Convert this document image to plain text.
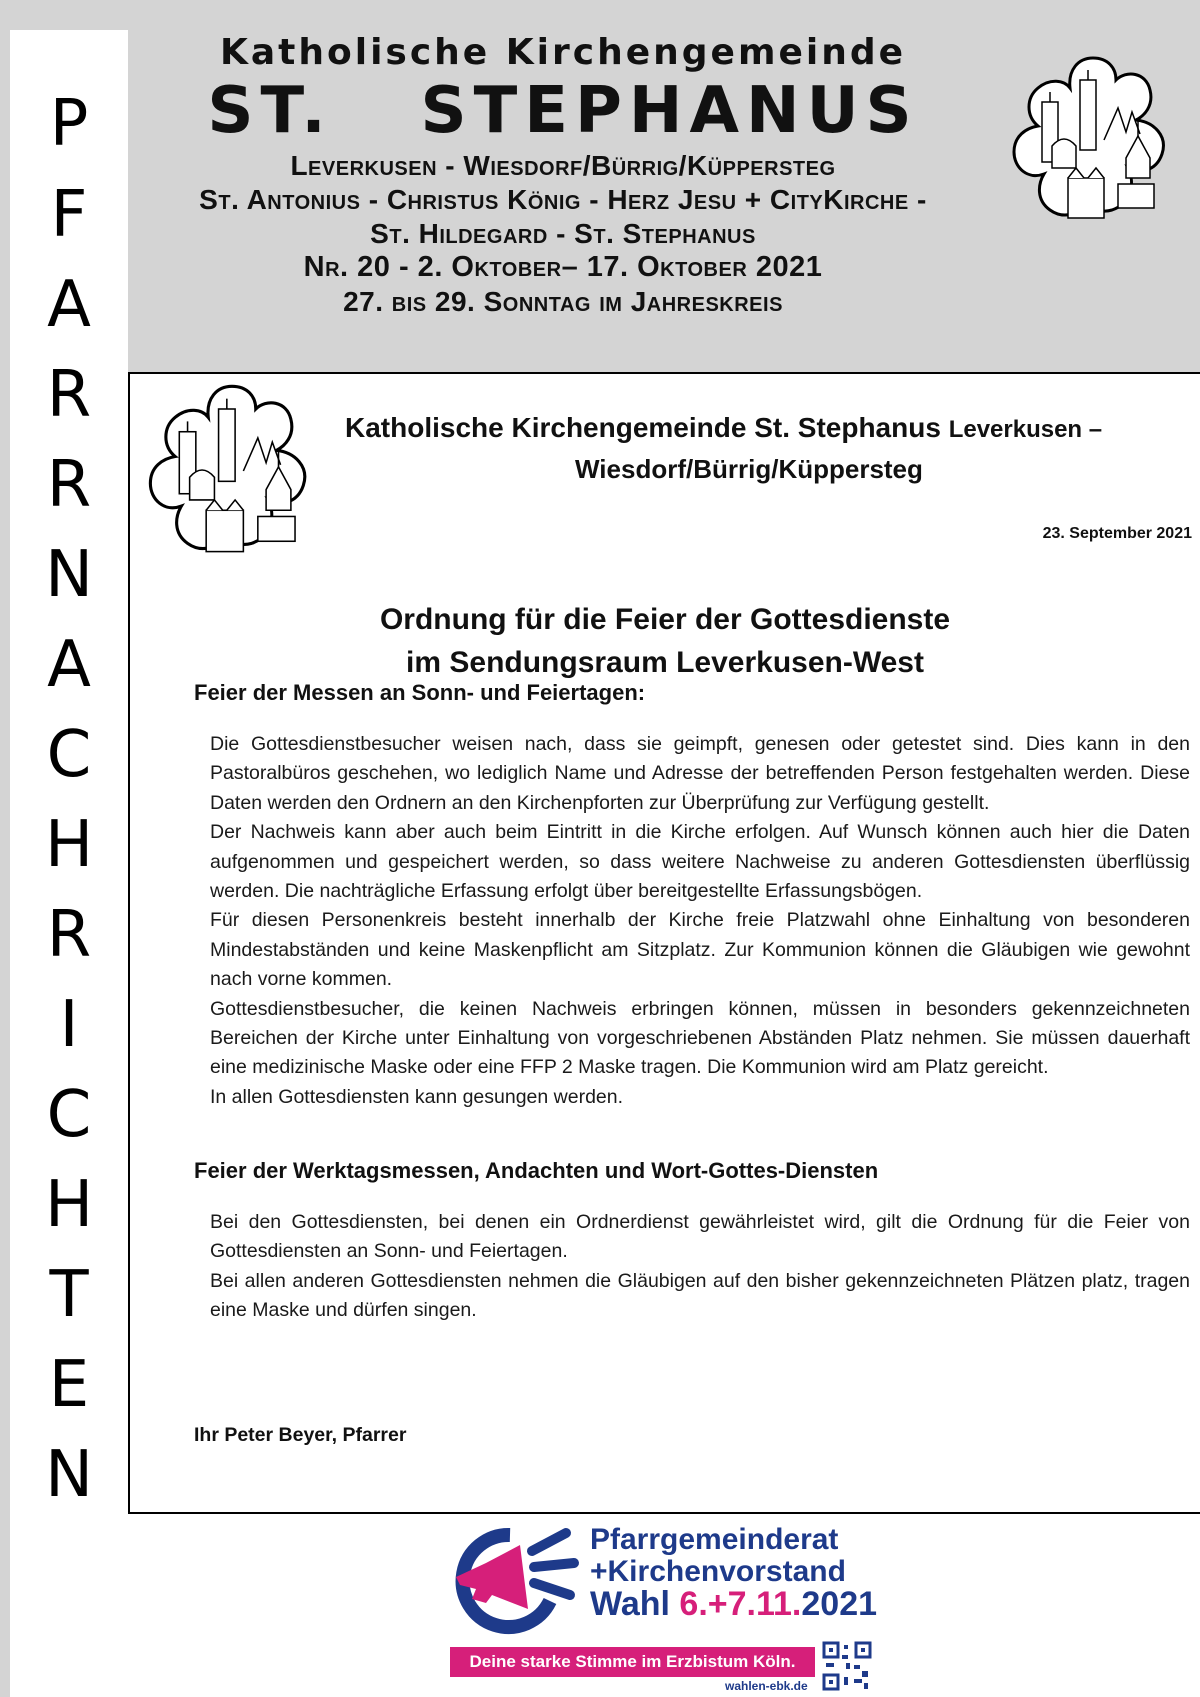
P
F
A
R
R
N
A
C
H
R
I
C
H
T
E
N
Katholische Kirchengemeinde
ST.   STEPHANUS
Leverkusen - Wiesdorf/Bürrig/Küppersteg
St. Antonius - Christus König - Herz Jesu + CityKirche -
St. Hildegard - St. Stephanus
Nr. 20 - 2. Oktober– 17. Oktober 2021
27. bis 29. Sonntag im Jahreskreis
Katholische Kirchengemeinde St. Stephanus Leverkusen –
Wiesdorf/Bürrig/Küppersteg
23. September 2021
Ordnung für die Feier der Gottesdienste
im Sendungsraum Leverkusen-West
Feier der Messen an Sonn- und Feiertagen:

Die Gottesdienstbesucher weisen nach, dass sie geimpft, genesen oder getestet sind. Dies kann in den Pastoralbüros geschehen, wo lediglich Name und Adresse der betreffenden Person festgehalten werden. Diese Daten werden den Ordnern an den Kirchenpforten zur Überprüfung zur Verfügung gestellt.

Der Nachweis kann aber auch beim Eintritt in die Kirche erfolgen. Auf Wunsch können auch hier die Daten aufgenommen und gespeichert werden, so dass weitere Nachweise zu anderen Gottesdiensten überflüssig werden. Die nachträgliche Erfassung erfolgt über bereitgestellte Erfassungsbögen.

Für diesen Personenkreis besteht innerhalb der Kirche freie Platzwahl ohne Einhaltung von besonderen Mindestabständen und keine Maskenpflicht am Sitzplatz. Zur Kommunion können die Gläubigen wie gewohnt nach vorne kommen.

Gottesdienstbesucher, die keinen Nachweis erbringen können, müssen in besonders gekennzeichneten Bereichen der Kirche unter Einhaltung von vorgeschriebenen Abständen Platz nehmen. Sie müssen dauerhaft eine medizinische Maske oder eine FFP 2 Maske tragen. Die Kommunion wird am Platz gereicht.

In allen Gottesdiensten kann gesungen werden.

Feier der Werktagsmessen, Andachten und Wort-Gottes-Diensten

Bei den Gottesdiensten, bei denen ein Ordnerdienst gewährleistet wird, gilt die Ordnung für die Feier von Gottesdiensten an Sonn- und Feiertagen.

Bei allen anderen Gottesdiensten nehmen die Gläubigen auf den bisher gekennzeichneten Plätzen platz, tragen eine Maske und dürfen singen.

Ihr Peter Beyer, Pfarrer
Pfarrgemeinderat
+Kirchenvorstand
Wahl 6.+7.11.2021
Deine starke Stimme im Erzbistum Köln.
wahlen-ebk.de
